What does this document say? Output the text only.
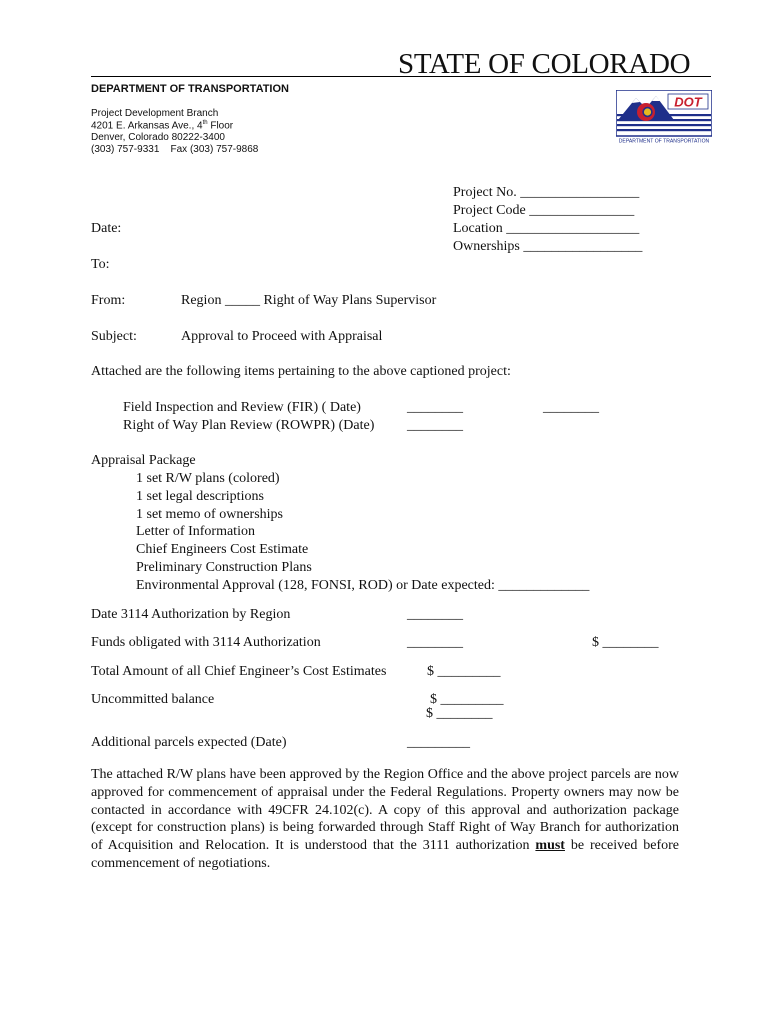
STATE OF COLORADO
DEPARTMENT OF TRANSPORTATION
Project Development Branch
4201 E. Arkansas Ave., 4th Floor
Denver, Colorado 80222-3400
(303) 757-9331    Fax (303) 757-9868
DOT
DEPARTMENT OF TRANSPORTATION
Project No. _________________
Project Code _______________
Location ___________________
Ownerships _________________
Date:
To:
From:	Region _____ Right of Way Plans Supervisor
Subject:	Approval to Proceed with Appraisal
Attached are the following items pertaining to the above captioned project:
Field Inspection and Review (FIR) ( Date)	________	________
Right of Way Plan Review (ROWPR) (Date) ________
Appraisal Package
1 set R/W plans (colored)
1 set legal descriptions
1 set memo of ownerships
Letter of Information
Chief Engineers Cost Estimate
Preliminary Construction Plans
Environmental Approval (128, FONSI, ROD) or Date expected: _____________
Date 3114 Authorization by Region	________
Funds obligated with 3114 Authorization	________	$ ________
Total Amount of all Chief Engineer’s Cost Estimates	$ _________
Uncommitted balance	$ _________
$ ________
Additional parcels expected (Date)	_________
The attached R/W plans have been approved by the Region Office and the above project parcels are now approved for commencement of appraisal under the Federal Regulations. Property owners may now be contacted in accordance with 49CFR 24.102(c). A copy of this approval and authorization package (except for construction plans) is being forwarded through Staff Right of Way Branch for authorization of Acquisition and Relocation. It is understood that the 3111 authorization must be received before commencement of negotiations.
